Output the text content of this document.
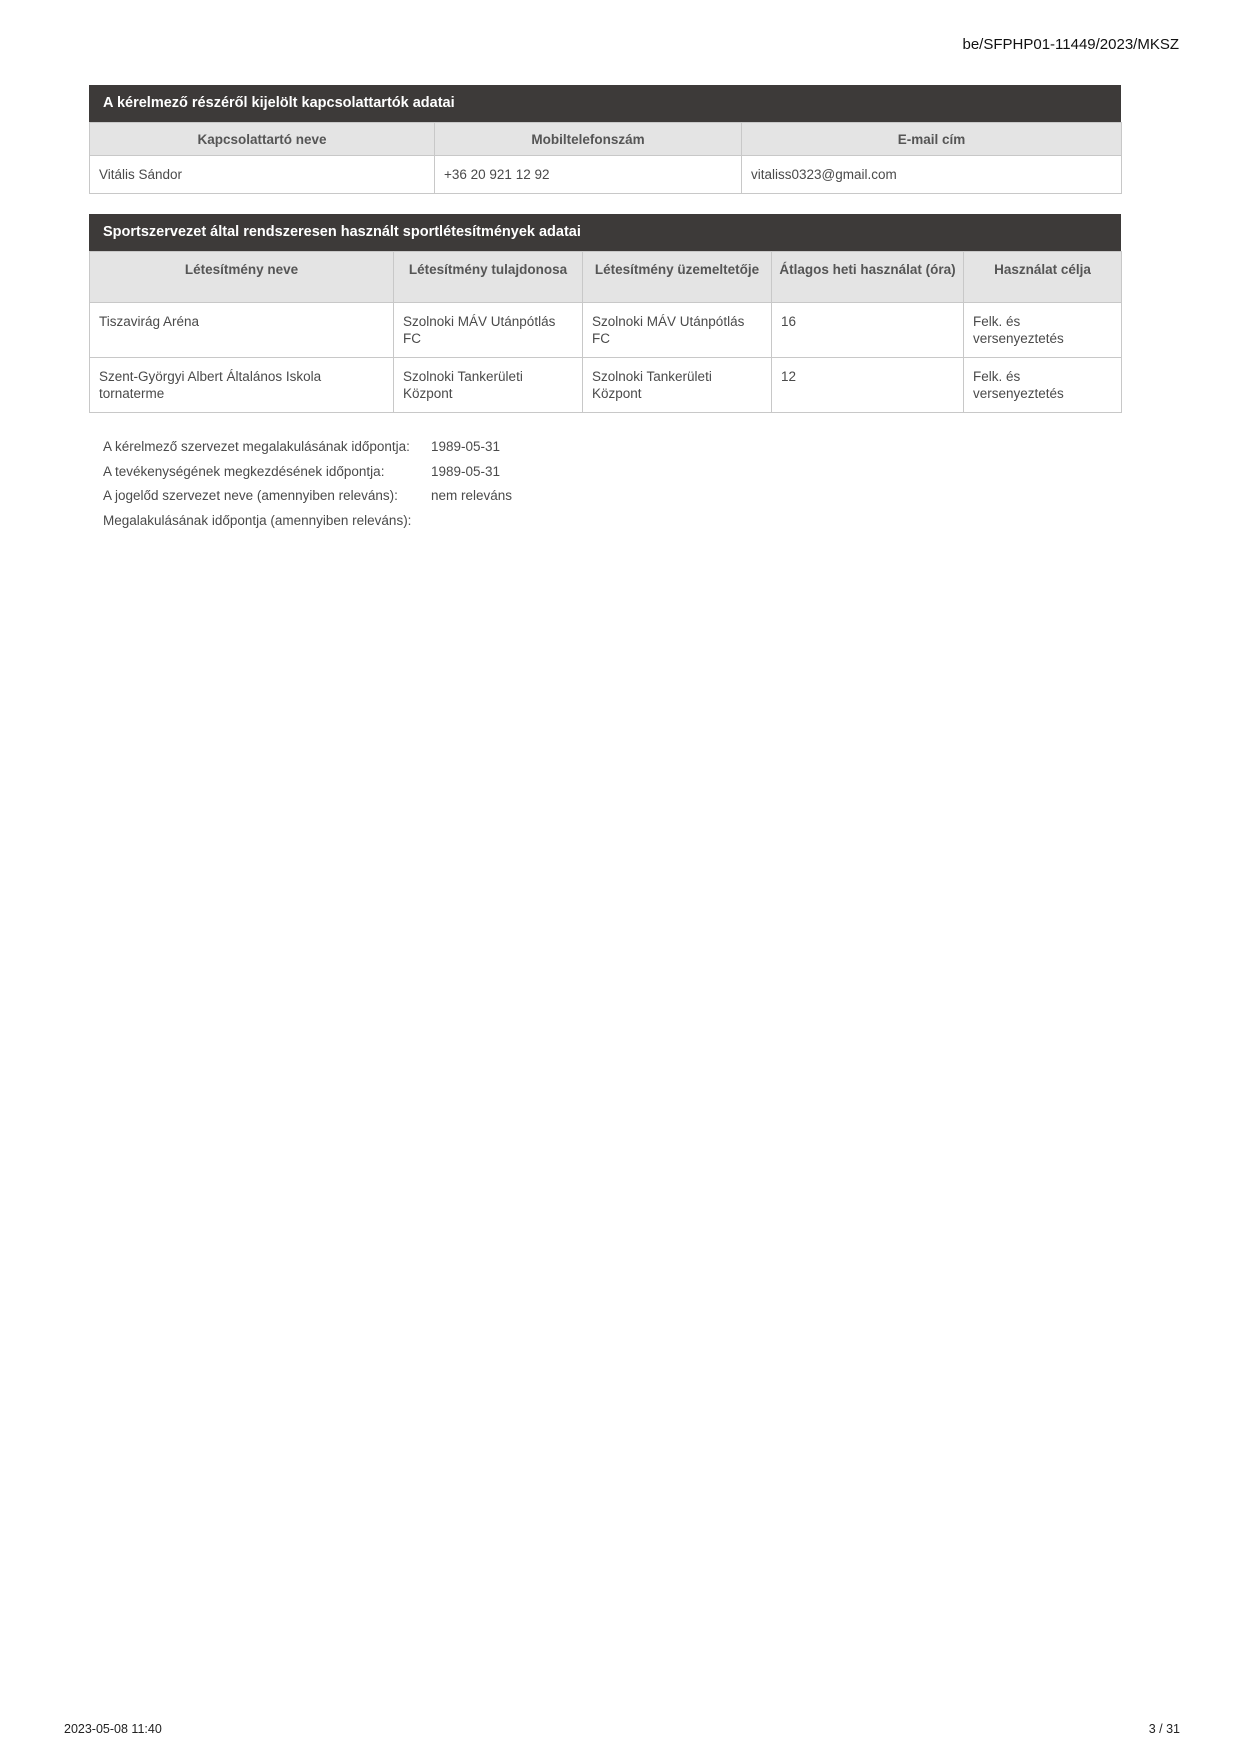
be/SFPHP01-11449/2023/MKSZ
A kérelmező részéről kijelölt kapcsolattartók adatai
Kapcsolattartó neve	Mobiltelefonszám	E-mail cím
Vitális Sándor	+36 20 921 12 92	vitaliss0323@gmail.com
Sportszervezet által rendszeresen használt sportlétesítmények adatai
Létesítmény neve	Létesítmény tulajdonosa	Létesítmény üzemeltetője	Átlagos heti használat (óra)	Használat célja
Tiszavirág Aréna	Szolnoki MÁV Utánpótlás FC	Szolnoki MÁV Utánpótlás FC	16	Felk. és versenyeztetés
Szent-Györgyi Albert Általános Iskola tornaterme	Szolnoki Tankerületi Központ	Szolnoki Tankerületi Központ	12	Felk. és versenyeztetés
A kérelmező szervezet megalakulásának időpontja:	1989-05-31
A tevékenységének megkezdésének időpontja:	1989-05-31
A jogelőd szervezet neve (amennyiben releváns):	nem releváns
Megalakulásának időpontja (amennyiben releváns):
2023-05-08 11:40	3 / 31
